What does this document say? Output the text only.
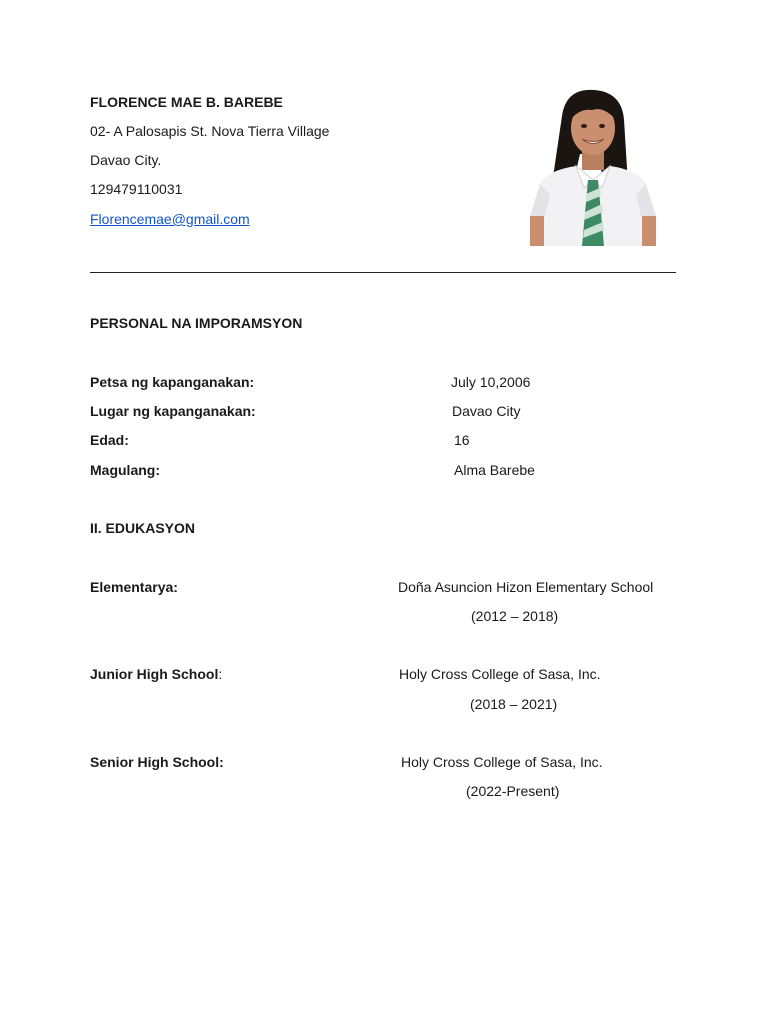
FLORENCE MAE B. BAREBE
02- A Palosapis St. Nova Tierra Village
Davao City.
129479110031
Florencemae@gmail.com
PERSONAL NA IMPORAMSYON
Petsa ng kapanganakan:	July 10,2006
Lugar ng kapanganakan:	Davao City
Edad:	16
Magulang:	Alma Barebe
II. EDUKASYON
Elementarya:	Doña Asuncion Hizon Elementary School
(2012 – 2018)
Junior High School:	Holy Cross College of Sasa, Inc.
(2018 – 2021)
Senior High School:	Holy Cross College of Sasa, Inc.
(2022-Present)
